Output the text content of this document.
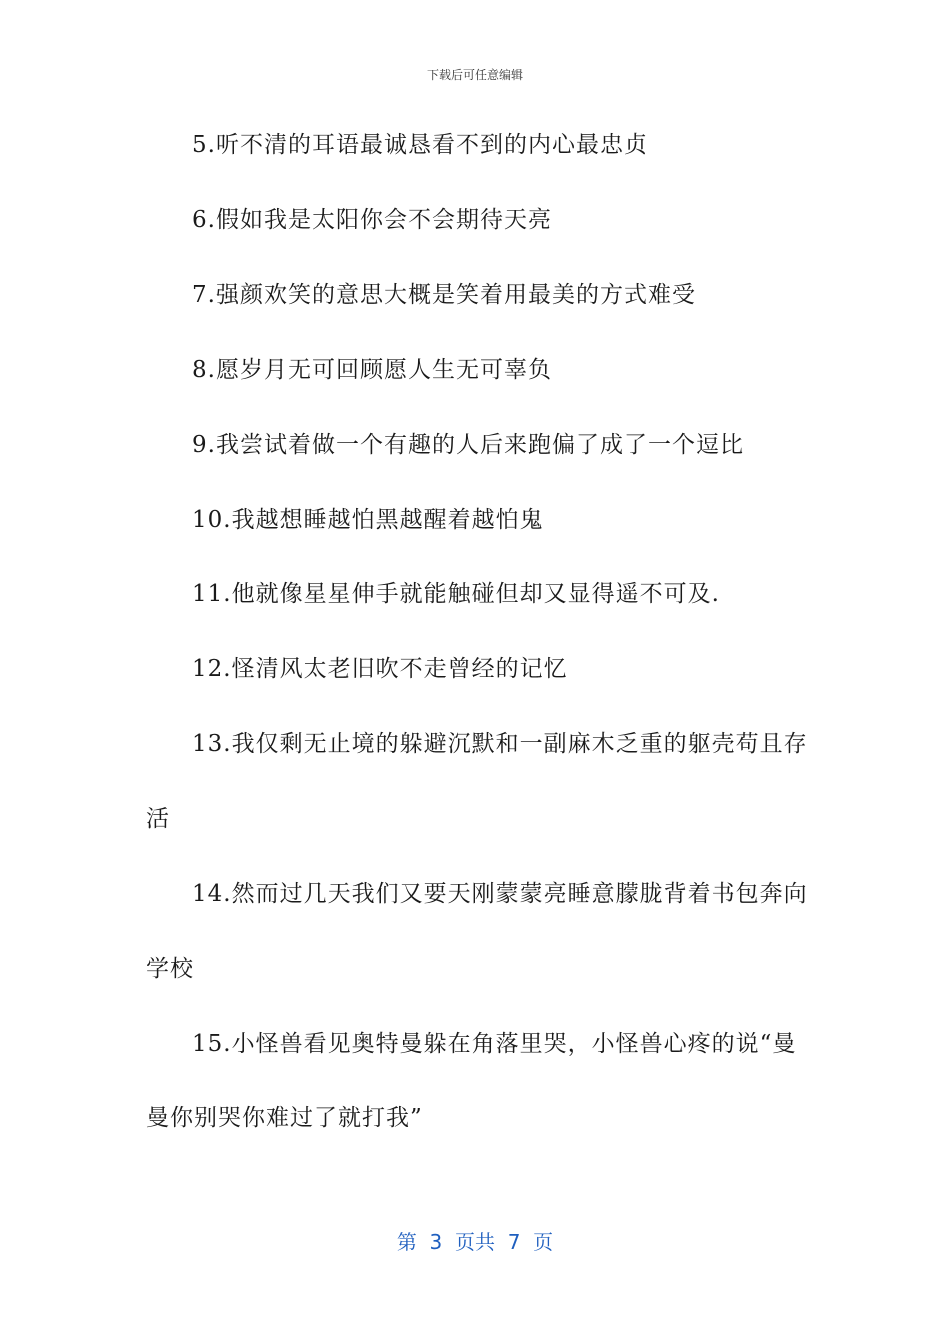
下载后可任意编辑
5.听不清的耳语最诚恳看不到的内心最忠贞
6.假如我是太阳你会不会期待天亮
7.强颜欢笑的意思大概是笑着用最美的方式难受
8.愿岁月无可回顾愿人生无可辜负
9.我尝试着做一个有趣的人后来跑偏了成了一个逗比
10.我越想睡越怕黑越醒着越怕鬼
11.他就像星星伸手就能触碰但却又显得遥不可及.
12.怪清风太老旧吹不走曾经的记忆
13.我仅剩无止境的躲避沉默和一副麻木乏重的躯壳苟且存
活
14.然而过几天我们又要天刚蒙蒙亮睡意朦胧背着书包奔向
学校
15.小怪兽看见奥特曼躲在角落里哭，小怪兽心疼的说“曼
曼你别哭你难过了就打我”
第  3  页共  7  页
